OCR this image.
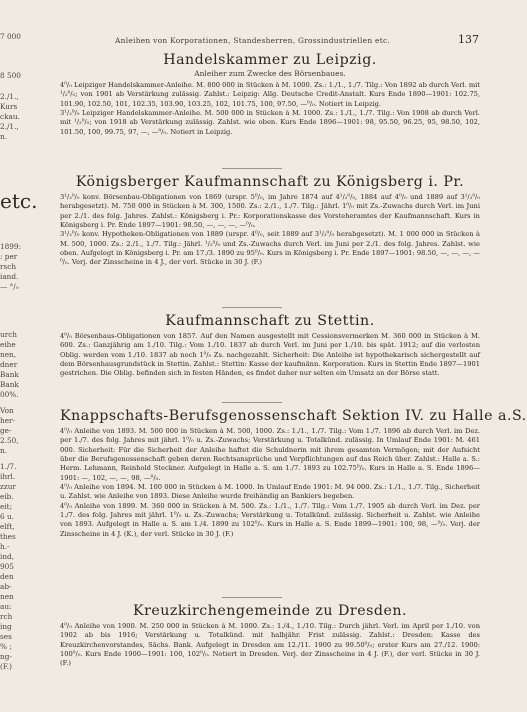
7 000
8 500
2./1.,
Kurs
ckau.
2./1.,
n.
etc.
1899:
: per
rsch
iand.
— °/₀
urch
eihe
nen,
dner
Bank
Bank
00%.
Von
her-
ge-
2.50,
n.
1./7.
ihrl.
zzur
eib.
eit;
6 u.
elft,
thes
h.-
ind,
905
den
ab-
nen
au:
rch
ing
ses
% ;
ng-
(F.)
Anleihen von Korporationen, Standesherren, Grossindustriellen etc.	137
Handelskammer zu Leipzig.
Anleiher zum Zwecke des Börsenbaues.

4⁰/₀ Leipziger Handelskammer-Anleihe. M. 800 000 in Stücken à M. 1000. Zs.: 1./1., 1./7. Tilg.: Von 1892 ab durch Verl. mit ¹/₂⁰/₀; von 1901 ab Verstärkung zulässig. Zahlst.: Leipzig: Allg. Deutsche Credit-Anstalt. Kurs Ende 1890—1901: 102.75, 101.90, 102.50, 101, 102.35, 103.90, 103.25, 102, 101.75, 100, 97.50, —⁰/₀. Notiert in Leipzig.

3¹/₂⁰/₀ Leipziger Handelskammer-Anleihe. M. 500 000 in Stücken à M. 1000. Zs.: 1./1., 1./7. Tilg.: Von 1908 ab durch Verl. mit ¹/₂⁰/₀; von 1918 ab Verstärkung zulässig. Zahlst. wie oben. Kurs Ende 1896—1901: 98, 95.50, 96.25, 95, 98.50, 102, 101.50, 100, 99.75, 97, —, —⁰/₀. Notiert in Leipzig.

Königsberger Kaufmannschaft zu Königsberg i. Pr.

3¹/₂⁰/₀ konv. Börsenbau-Obligationen von 1869 (urspr. 5⁰/₀, im Jahre 1874 auf 4¹/₂⁰/₀, 1884 auf 4⁰/₀ und 1889 auf 3¹/₂⁰/₀ herabgesetzt). M. 750 000 in Stücken à M. 300, 1500. Zs.: 2./1., 1./7. Tilg.: Jährl. 1⁰/₀ mit Zs.-Zuwachs durch Verl. im Juni per 2./1. des folg. Jahres. Zahlst.: Königsberg i. Pr.: Korporationskasse des Vorsteheramtes der Kaufmannschaft. Kurs in Königsberg i. Pr. Ende 1897—1901: 98.50, —, —, —, —⁰/₀.

3¹/₂⁰/₀ konv. Hypotheken-Obligationen von 1889 (urspr. 4⁰/₀, seit 1889 auf 3¹/₂⁰/₀ herabgesetzt). M. 1 000 000 in Stücken à M. 500, 1000. Zs.: 2./1., 1./7. Tilg.: Jährl. ¹/₂⁰/₀ und Zs.-Zuwachs durch Verl. im Juni per 2./1. des folg. Jahres. Zahlst. wie oben. Aufgelegt in Königsberg i. Pr. am 17./3. 1890 zu 95⁰/₀. Kurs in Königsberg i. Pr. Ende 1897—1901: 98.50, —, —, —, —⁰/₀. Verj. der Zinsscheine in 4 J., der verl. Stücke in 30 J. (F.)

Kaufmannschaft zu Stettin.

4⁰/₀ Börsenhaus-Obligationen von 1857. Auf den Namen ausgestellt mit Cessionsvermerken M. 360 000 in Stücken à M. 600. Zs.: Ganzjährig am 1./10. Tilg.: Vom 1./10. 1837 ab durch Verl. im Juni per 1./10. bis spät. 1912; auf die verlosten Oblig. werden vom 1./10. 1837 ab noch 1⁰/₀ Zs. nachgezahlt. Sicherheit: Die Anleihe ist hypothekarisch sichergestellt auf dem Börsenhausgrundstück in Stettin. Zahlst.: Stettin: Kasse der kaufmänn. Korporation. Kurs in Stettin Ende 1897—1901 gestrichen. Die Oblig. befinden sich in festen Händen, es findet daher nur selten ein Umsatz an der Börse statt.

Knappschafts-Berufsgenossenschaft Sektion IV. zu Halle a.S.

4⁰/₀ Anleihe von 1893. M. 500 000 in Stücken à M. 500, 1000. Zs.: 1./1., 1./7. Tilg.: Vom 1./7. 1896 ab durch Verl. im Dez. per 1./7. des folg. Jahres mit jährl. 1⁰/₀ u. Zs.-Zuwachs; Verstärkung u. Totalkünd. zulässig. In Umlauf Ende 1901: M. 461 000. Sicherheit: Für die Sicherheit der Anleihe haftet die Schuldnerin mit ihrem gesamten Vermögen; mit der Aufsicht über die Berufsgenossenschaft geben deren Rechtsansprüche und Verpflichtungen auf das Reich über. Zahlst.: Halle a. S.: Herm. Lehmann, Reinhold Steckner. Aufgelegt in Halle a. S. am 1./7. 1893 zu 102.75⁰/₀. Kurs in Halle a. S. Ende 1896—1901: —, 102, —, —, 98, —⁰/₀.

4⁰/₀ Anleihe von 1894. M. 100 000 in Stücken à M. 1000. In Umlauf Ende 1901: M. 94 000. Zs.: 1./1., 1./7. Tilg., Sicherheit u. Zahlst. wie Anleihe von 1893. Diese Anleihe wurde freihändig an Bankiers begeben.

4⁰/₀ Anleihe von 1899. M. 360 000 in Stücken à M. 500. Zs.: 1./1., 1./7. Tilg.: Vom 1./7. 1905 ab durch Verl. im Dez. per 1./7. des folg. Jahres mit jährl. 1⁰/₀ u. Zs.-Zuwachs; Verstärkung u. Totalkünd. zulässig. Sicherheit u. Zahlst. wie Anleihe von 1893. Aufgelegt in Halle a. S. am 1./4. 1899 zu 102⁰/₀. Kurs in Halle a. S. Ende 1899—1901: 100, 98, —⁰/₀. Verj. der Zinsscheine in 4 J. (K.), der verl. Stücke in 30 J. (F.)

Kreuzkirchengemeinde zu Dresden.

4⁰/₀ Anleihe von 1900. M. 250 000 in Stücken à M. 1000. Zs.: 1./4., 1./10. Tilg.: Durch jährl. Verl. im April per 1./10. von 1902 ab bis 1916; Verstärkung u. Totalkünd. mit halbjähr. Frist zulässig. Zahlst.: Dresden: Kasse des Kreuzkirchenvorstandes, Sächs. Bank. Aufgelegt in Dresden am 12./11. 1900 zu 99.50⁰/₀; erster Kurs am 27./12. 1900: 100⁰/₀. Kurs Ende 1900—1901: 100, 102⁰/₀. Notiert in Dresden. Verj. der Zinsscheine in 4 J. (F.), der verl. Stücke in 30 J. (F.)
